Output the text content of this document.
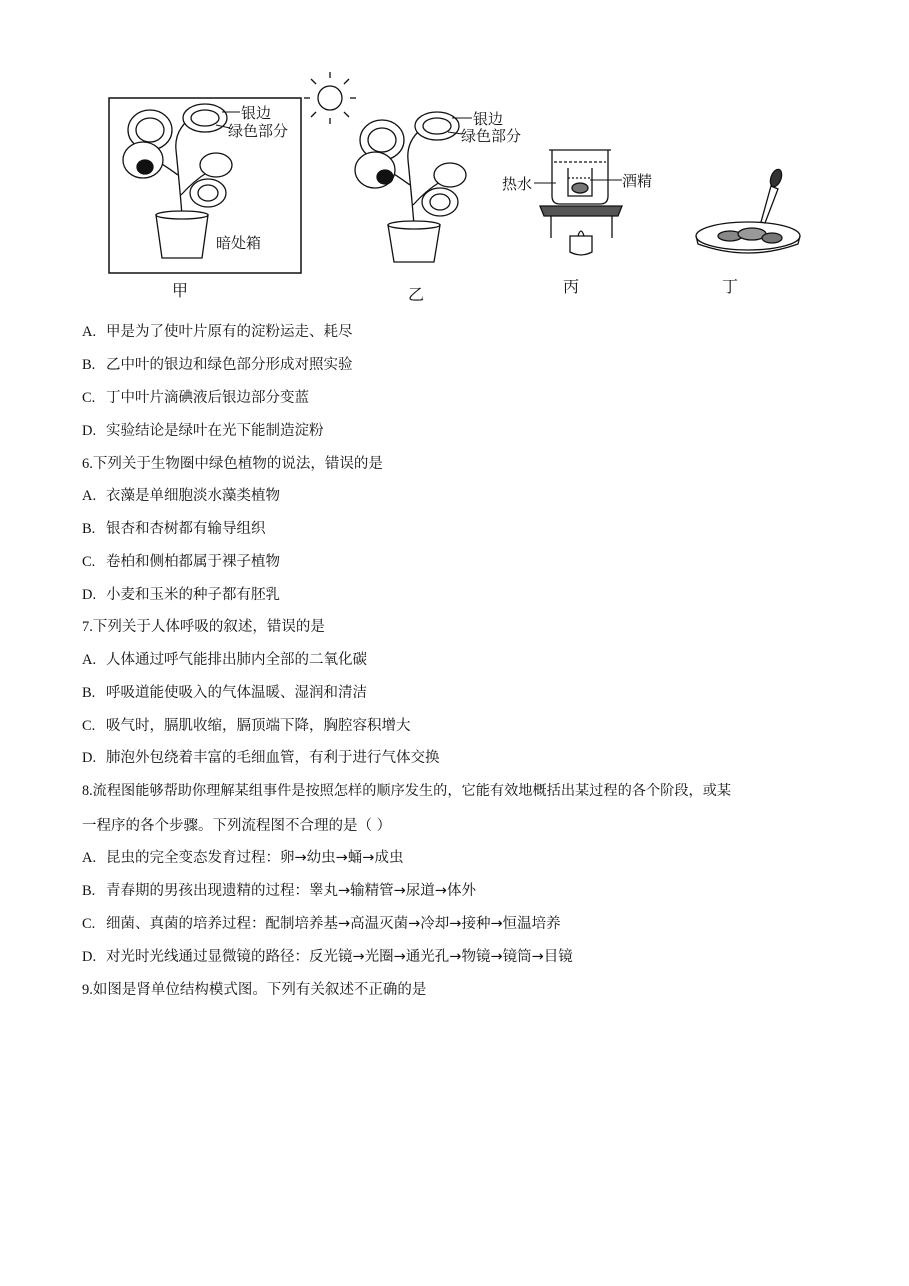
银边
绿色部分
暗处箱
甲
银边
绿色部分
乙
热水	酒精
丙	丁
A. 甲是为了使叶片原有的淀粉运走、耗尽
B. 乙中叶的银边和绿色部分形成对照实验
C. 丁中叶片滴碘液后银边部分变蓝
D. 实验结论是绿叶在光下能制造淀粉
6.下列关于生物圈中绿色植物的说法，错误的是
A. 衣藻是单细胞淡水藻类植物
B. 银杏和杏树都有输导组织
C. 卷柏和侧柏都属于裸子植物
D. 小麦和玉米的种子都有胚乳
7.下列关于人体呼吸的叙述，错误的是
A. 人体通过呼气能排出肺内全部的二氧化碳
B. 呼吸道能使吸入的气体温暖、湿润和清洁
C. 吸气时，膈肌收缩，膈顶端下降，胸腔容积增大
D. 肺泡外包绕着丰富的毛细血管，有利于进行气体交换
8.流程图能够帮助你理解某组事件是按照怎样的顺序发生的，它能有效地概括出某过程的各个阶段，或某
一程序的各个步骤。下列流程图不合理的是（ ）
A. 昆虫的完全变态发育过程：卵→幼虫→蛹→成虫
B. 青春期的男孩出现遗精的过程：睾丸→输精管→尿道→体外
C. 细菌、真菌的培养过程：配制培养基→高温灭菌→冷却→接种→恒温培养
D. 对光时光线通过显微镜的路径：反光镜→光圈→通光孔→物镜→镜筒→目镜
9.如图是肾单位结构模式图。下列有关叙述不正确的是
